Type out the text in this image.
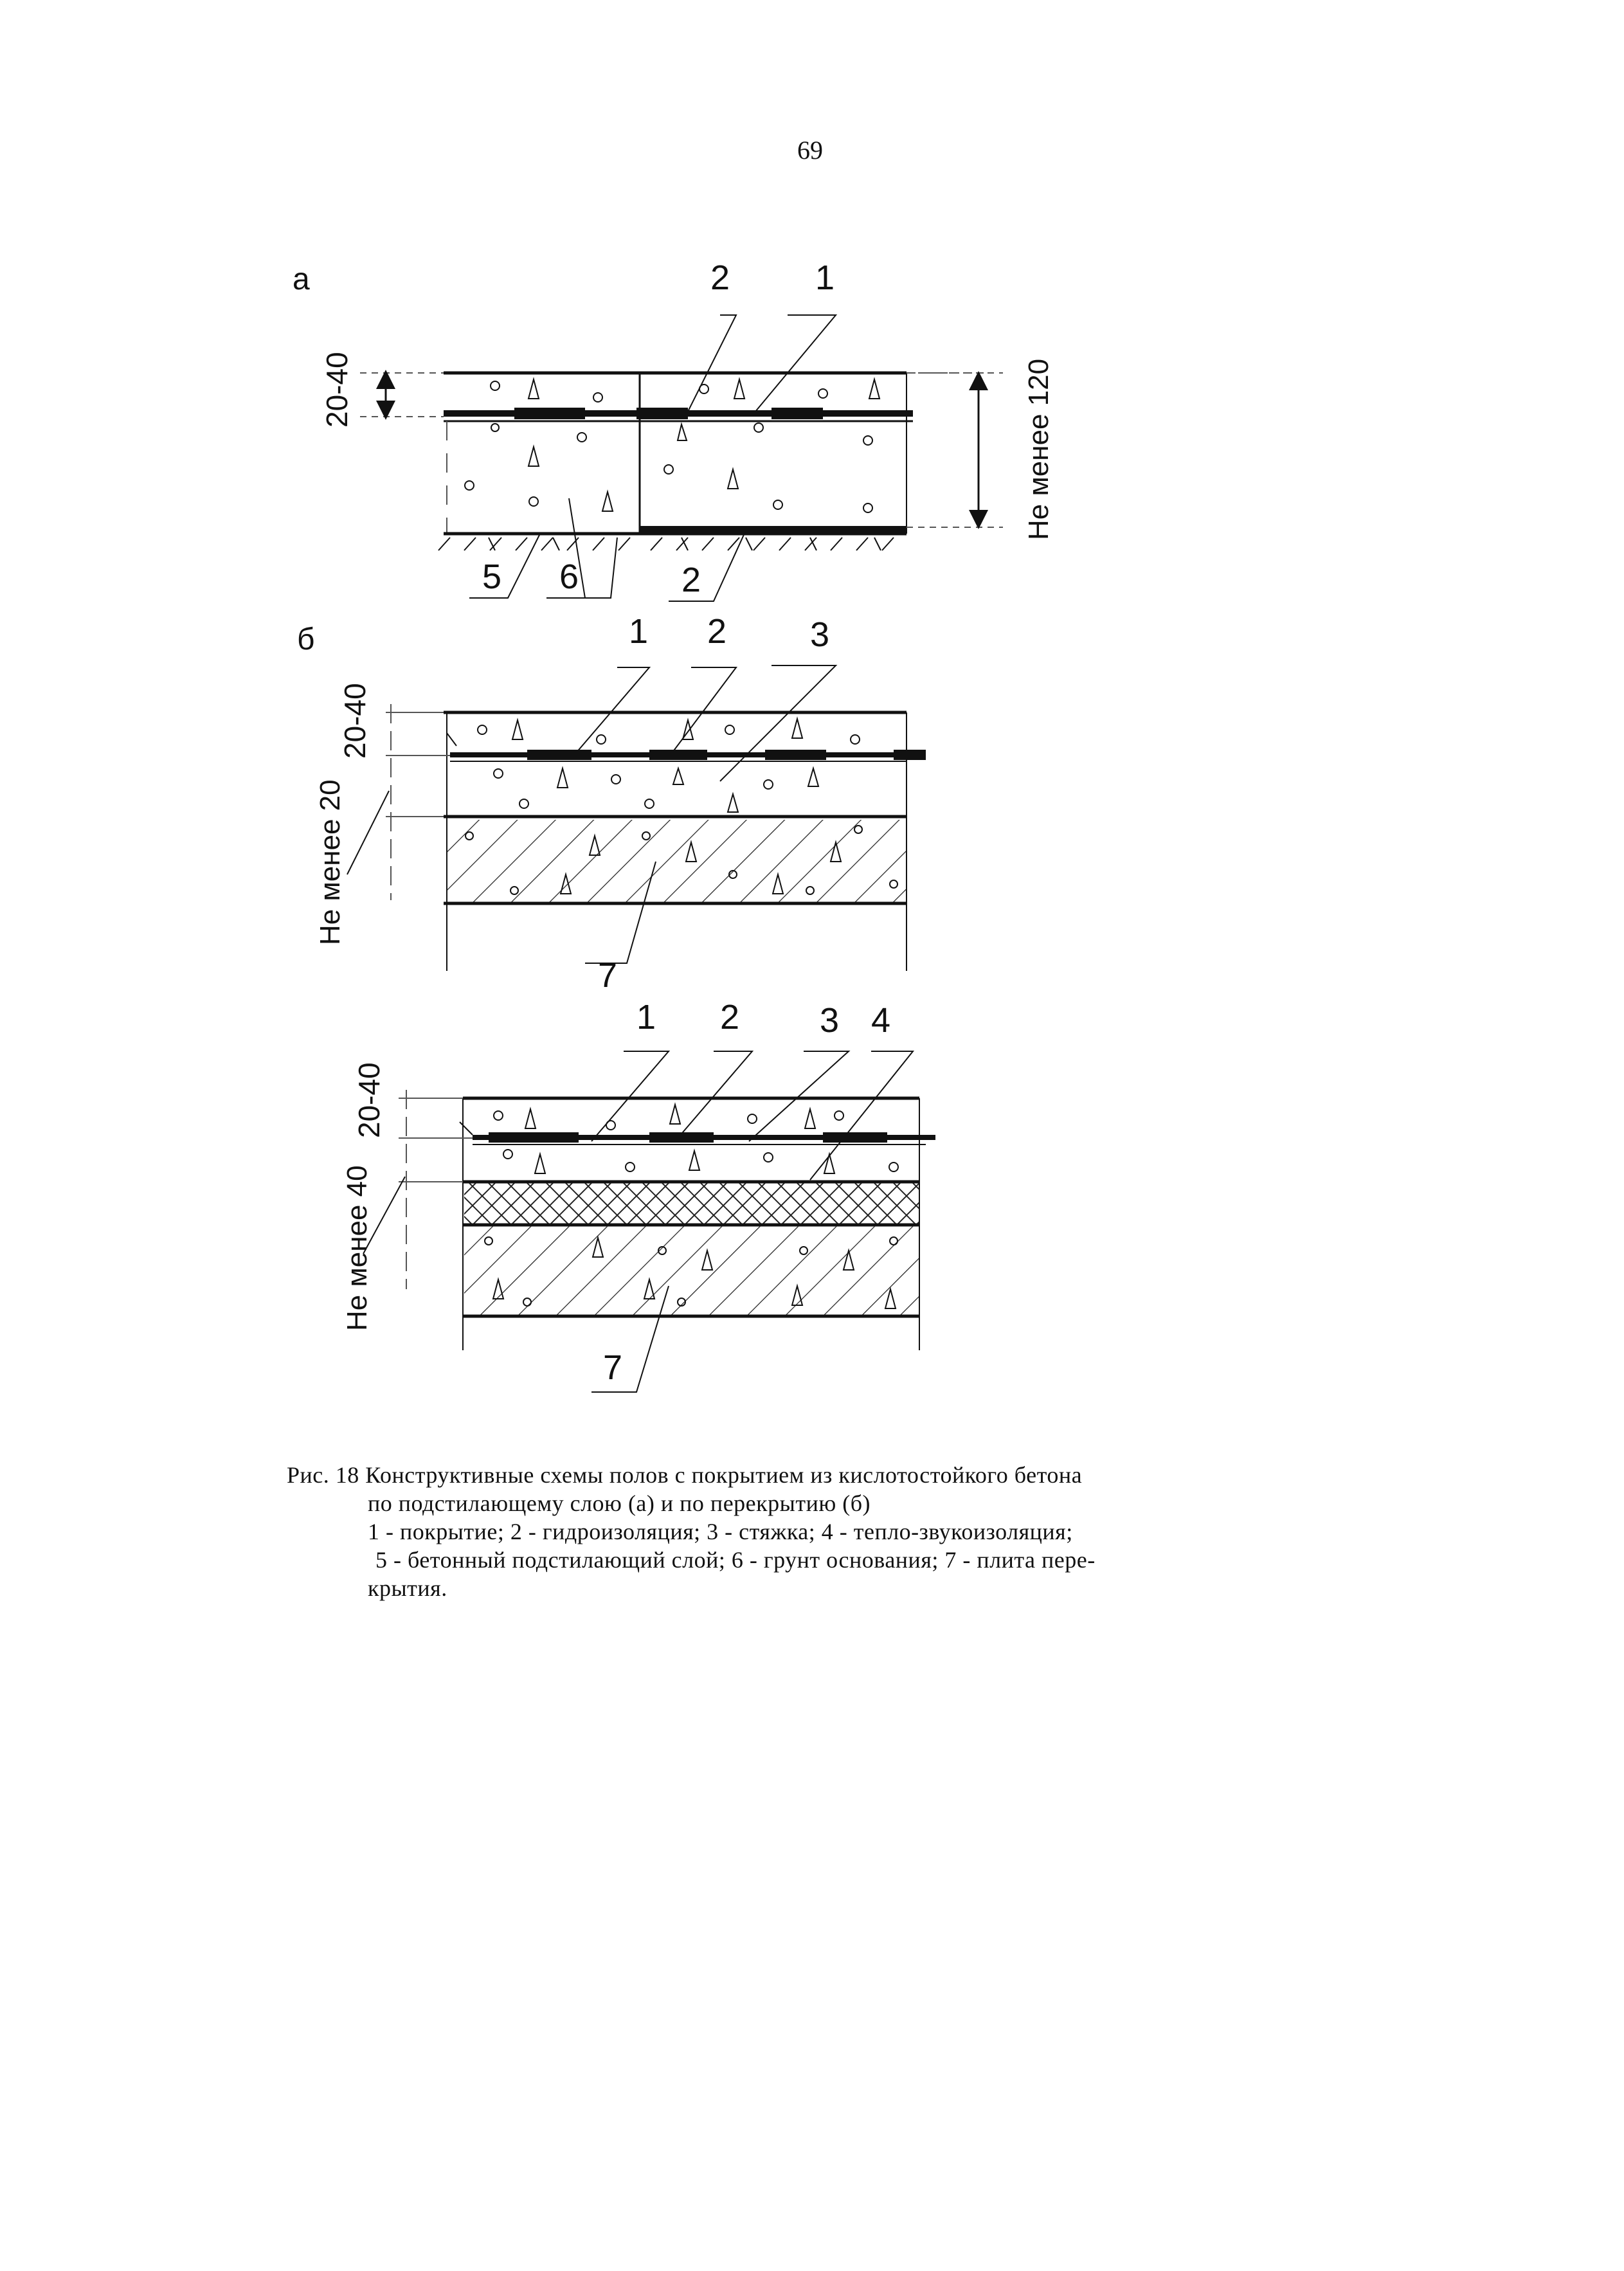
69
а	2 1
20-40	Не менее 120
5 6	2
б	1 2 3
20-40
Не менее 20
7
1 2 3 4
20-40
Не менее 40
7
Рис. 18 Конструктивные схемы полов с покрытием из кислотостойкого бетона
по подстилающему слою (а) и по перекрытию (б)
1 - покрытие; 2 - гидроизоляция; 3 - стяжка; 4 - тепло-звукоизоляция;
5 - бетонный подстилающий слой; 6 - грунт основания; 7 - плита пере-
крытия.
